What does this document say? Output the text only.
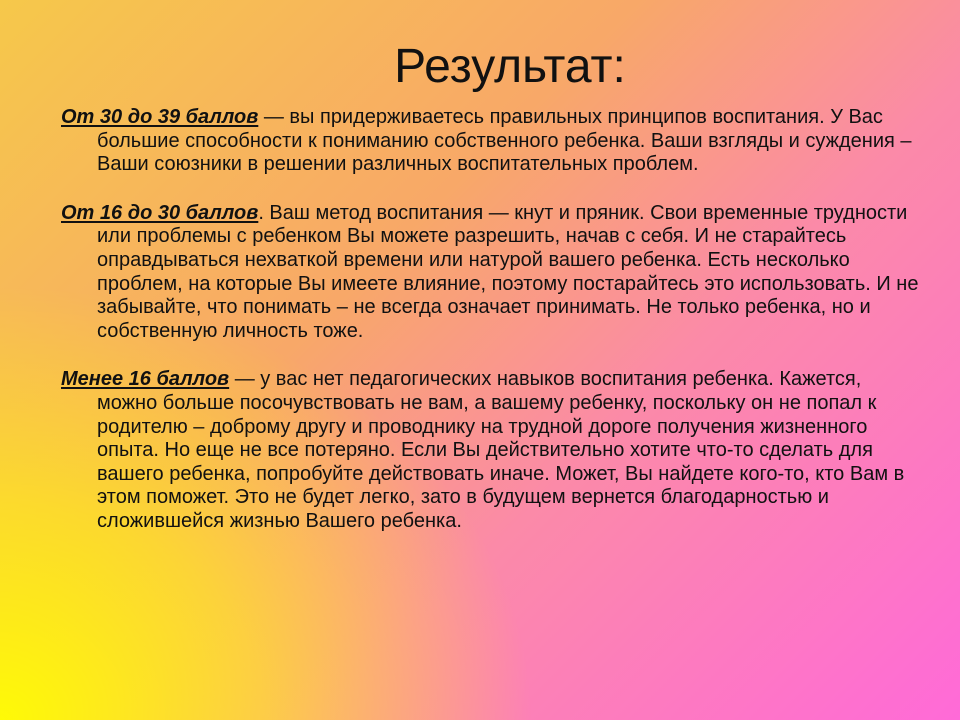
Результат:

От 30 до 39 баллов — вы придерживаетесь правильных принципов воспитания. У Вас большие способности к пониманию собственного ребенка. Ваши взгляды и суждения – Ваши союзники в решении различных воспитательных проблем.

От 16 до 30 баллов. Ваш метод воспитания — кнут и пряник. Свои временные трудности или проблемы с ребенком Вы можете разрешить, начав с себя. И не старайтесь оправдываться нехваткой времени или натурой вашего ребенка. Есть несколько проблем, на которые Вы имеете влияние, поэтому постарайтесь это использовать. И не забывайте, что понимать – не всегда означает принимать. Не только ребенка, но и собственную личность тоже.

Менее 16 баллов — у вас нет педагогических навыков воспитания ребенка. Кажется, можно больше посочувствовать не вам, а вашему ребенку, поскольку он не попал к родителю – доброму другу и проводнику на трудной дороге получения жизненного опыта. Но еще не все потеряно. Если Вы действительно хотите что-то сделать для вашего ребенка, попробуйте действовать иначе. Может, Вы найдете кого-то, кто Вам в этом поможет. Это не будет легко, зато в будущем вернется благодарностью и сложившейся жизнью Вашего ребенка.
